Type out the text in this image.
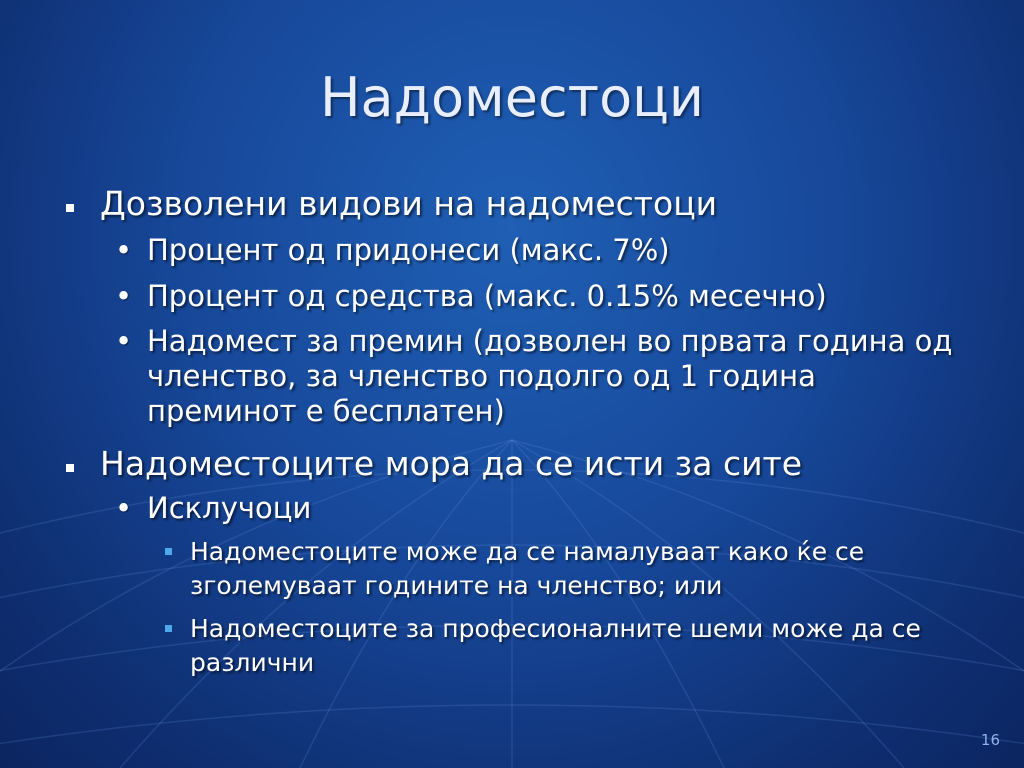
Надоместоци
Дозволени видови на надоместоци
• Процент од придонеси (макс. 7%)
• Процент од средства (макс. 0.15% месечно)
• Надомест за премин (дозволен во првата година од членство, за членство подолго од 1 година преминот е бесплатен)
Надоместоците мора да се исти за сите
• Исклучоци
Надоместоците може да се намалуваат како ќе се зголемуваат годините на членство; или
Надоместоците за професионалните шеми може да се различни
16
